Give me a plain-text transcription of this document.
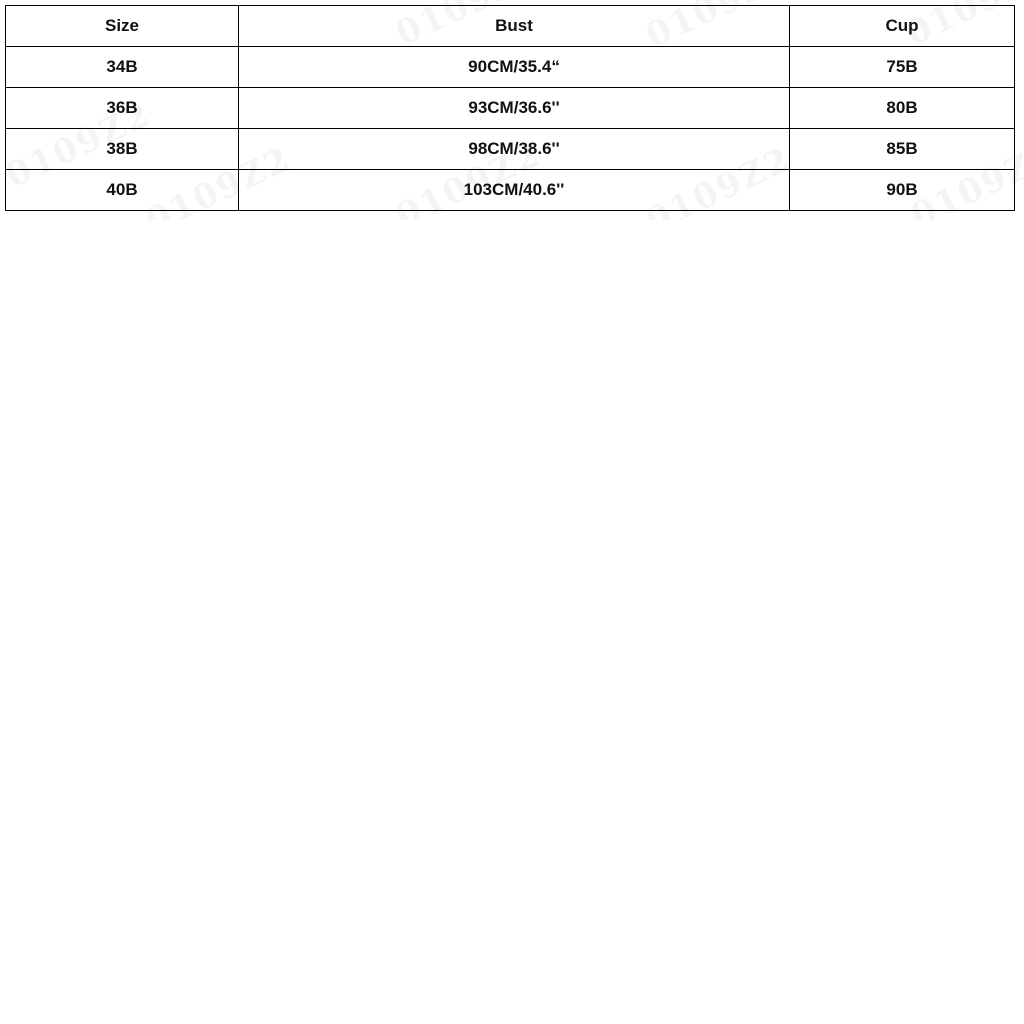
Size	Bust	Cup
34B	90CM/35.4“	75B
36B	93CM/36.6''	80B
38B	98CM/38.6''	85B
40B	103CM/40.6''	90B
